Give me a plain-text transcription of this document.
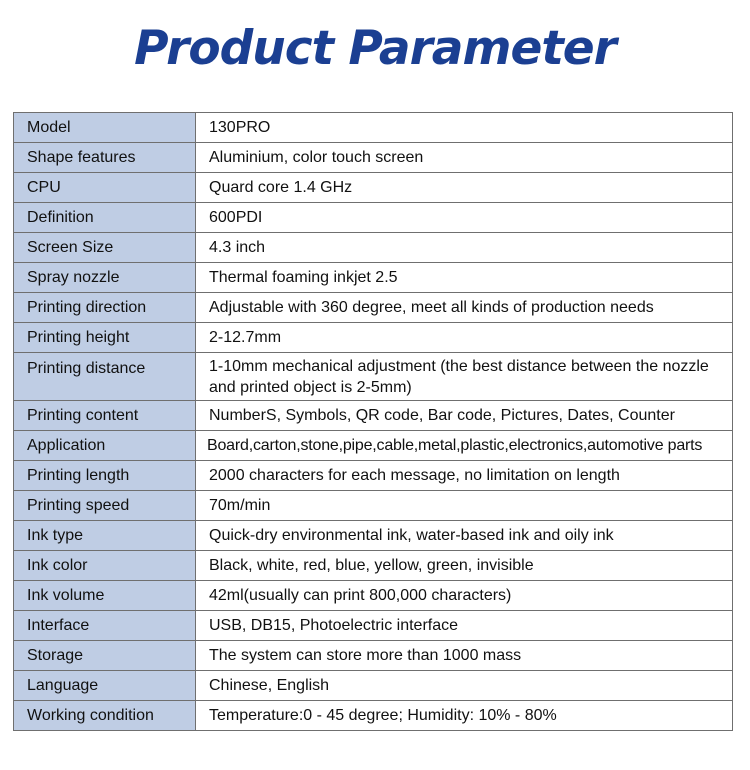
Product Parameter
Model	130PRO
Shape features	Aluminium, color touch screen
CPU	Quard core 1.4 GHz
Definition	600PDI
Screen Size	4.3 inch
Spray nozzle	Thermal foaming inkjet 2.5
Printing direction	Adjustable with 360 degree, meet all kinds of production needs
Printing height	2-12.7mm
Printing distance	1-10mm mechanical adjustment (the best distance between the nozzle and printed object is 2-5mm)
Printing content	NumberS, Symbols, QR code, Bar code, Pictures, Dates, Counter
Application	Board,carton,stone,pipe,cable,metal,plastic,electronics,automotive parts
Printing length	2000 characters for each message, no limitation on length
Printing speed	70m/min
Ink type	Quick-dry environmental ink, water-based ink and oily ink
Ink color	Black, white, red, blue, yellow, green, invisible
Ink volume	42ml(usually can print 800,000 characters)
Interface	USB, DB15, Photoelectric interface
Storage	The system can store more than 1000 mass
Language	Chinese, English
Working condition	Temperature:0 - 45 degree; Humidity: 10% - 80%
